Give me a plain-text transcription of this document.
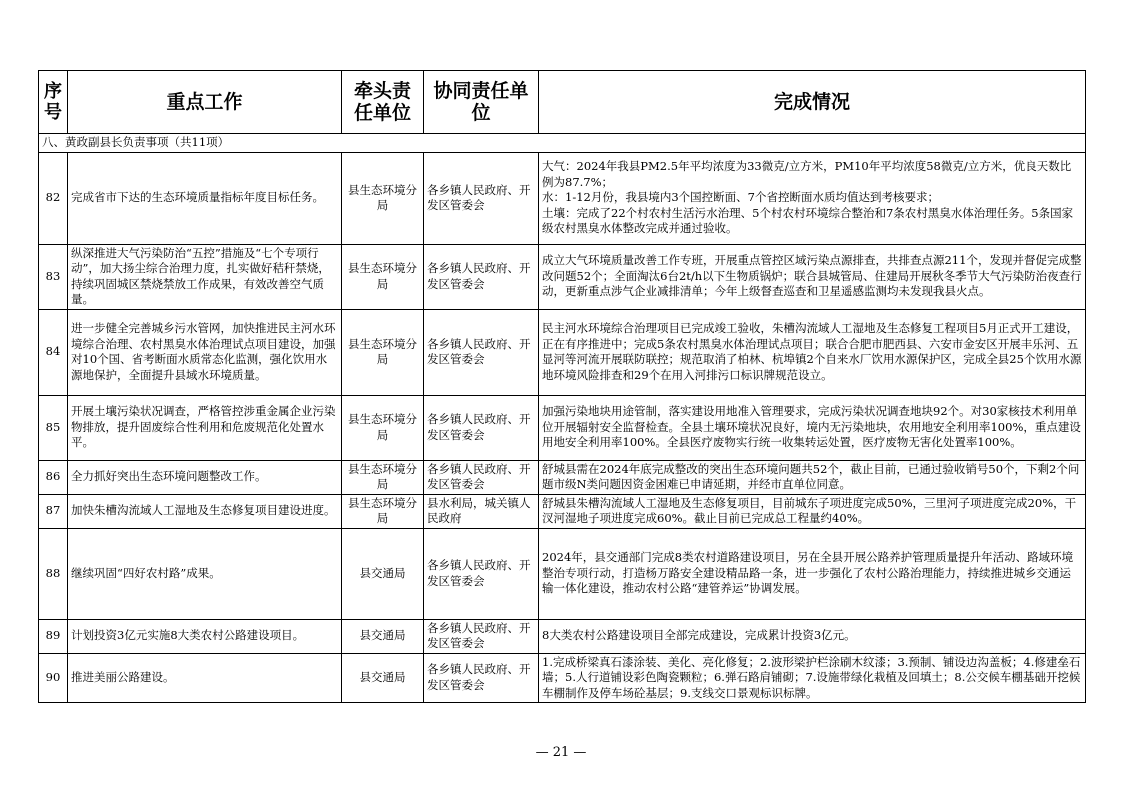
序号	重点工作	牵头责任单位	协同责任单位	完成情况
八、黄政副县长负责事项（共11项）				
82	完成省市下达的生态环境质量指标年度目标任务。	县生态环境分局	各乡镇人民政府、开发区管委会	大气：2024年我县PM2.5年平均浓度为33微克/立方米，PM10年平均浓度58微克/立方米，优良天数比例为87.7%；
水：1-12月份，我县境内3个国控断面、7个省控断面水质均值达到考核要求；
土壤：完成了22个村农村生活污水治理、5个村农村环境综合整治和7条农村黑臭水体治理任务。5条国家级农村黑臭水体整改完成并通过验收。
83	纵深推进大气污染防治“五控”措施及“七个专项行动”，加大扬尘综合治理力度，扎实做好秸秆禁烧，持续巩固城区禁烧禁放工作成果，有效改善空气质量。	县生态环境分局	各乡镇人民政府、开发区管委会	成立大气环境质量改善工作专班，开展重点管控区域污染点源排查，共排查点源211个，发现并督促完成整改问题52个；全面淘汰6台2t/h以下生物质锅炉；联合县城管局、住建局开展秋冬季节大气污染防治夜查行动，更新重点涉气企业减排清单；今年上级督查巡查和卫星遥感监测均未发现我县火点。
84	进一步健全完善城乡污水管网，加快推进民主河水环境综合治理、农村黑臭水体治理试点项目建设，加强对10个国、省考断面水质常态化监测，强化饮用水源地保护，全面提升县域水环境质量。	县生态环境分局	各乡镇人民政府、开发区管委会	民主河水环境综合治理项目已完成竣工验收，朱槽沟流域人工湿地及生态修复工程项目5月正式开工建设，正在有序推进中；完成5条农村黑臭水体治理试点项目；联合合肥市肥西县、六安市金安区开展丰乐河、五显河等河流开展联防联控；规范取消了柏林、杭埠镇2个自来水厂饮用水源保护区，完成全县25个饮用水源地环境风险排查和29个在用入河排污口标识牌规范设立。
85	开展土壤污染状况调查，严格管控涉重金属企业污染物排放，提升固废综合性利用和危废规范化处置水平。	县生态环境分局	各乡镇人民政府、开发区管委会	加强污染地块用途管制，落实建设用地准入管理要求，完成污染状况调查地块92个。对30家核技术利用单位开展辐射安全监督检查。全县土壤环境状况良好，境内无污染地块，农用地安全利用率100%，重点建设用地安全利用率100%。全县医疗废物实行统一收集转运处置，医疗废物无害化处置率100%。
86	全力抓好突出生态环境问题整改工作。	县生态环境分局	各乡镇人民政府、开发区管委会	舒城县需在2024年底完成整改的突出生态环境问题共52个，截止目前，已通过验收销号50个，下剩2个问题市级N类问题因资金困难已申请延期，并经市直单位同意。
87	加快朱槽沟流域人工湿地及生态修复项目建设进度。	县生态环境分局	县水利局，城关镇人民政府	舒城县朱槽沟流域人工湿地及生态修复项目，目前城东子项进度完成50%，三里河子项进度完成20%，干汊河湿地子项进度完成60%。截止目前已完成总工程量约40%。
88	继续巩固“四好农村路”成果。	县交通局	各乡镇人民政府、开发区管委会	2024年，县交通部门完成8类农村道路建设项目，另在全县开展公路养护管理质量提升年活动、路域环境整治专项行动，打造杨万路安全建设精品路一条，进一步强化了农村公路治理能力，持续推进城乡交通运输一体化建设，推动农村公路“建管养运”协调发展。
89	计划投资3亿元实施8大类农村公路建设项目。	县交通局	各乡镇人民政府、开发区管委会	8大类农村公路建设项目全部完成建设，完成累计投资3亿元。
90	推进美丽公路建设。	县交通局	各乡镇人民政府、开发区管委会	1.完成桥梁真石漆涂装、美化、亮化修复；2.波形梁护栏涂刷木纹漆；3.预制、铺设边沟盖板；4.修建垒石墙；5.人行道铺设彩色陶瓷颗粒；6.弹石路肩铺砌；7.设施带绿化栽植及回填土；8.公交候车棚基础开挖候车棚制作及停车场砼基层；9.支线交口景观标识标牌。
— 21 —
